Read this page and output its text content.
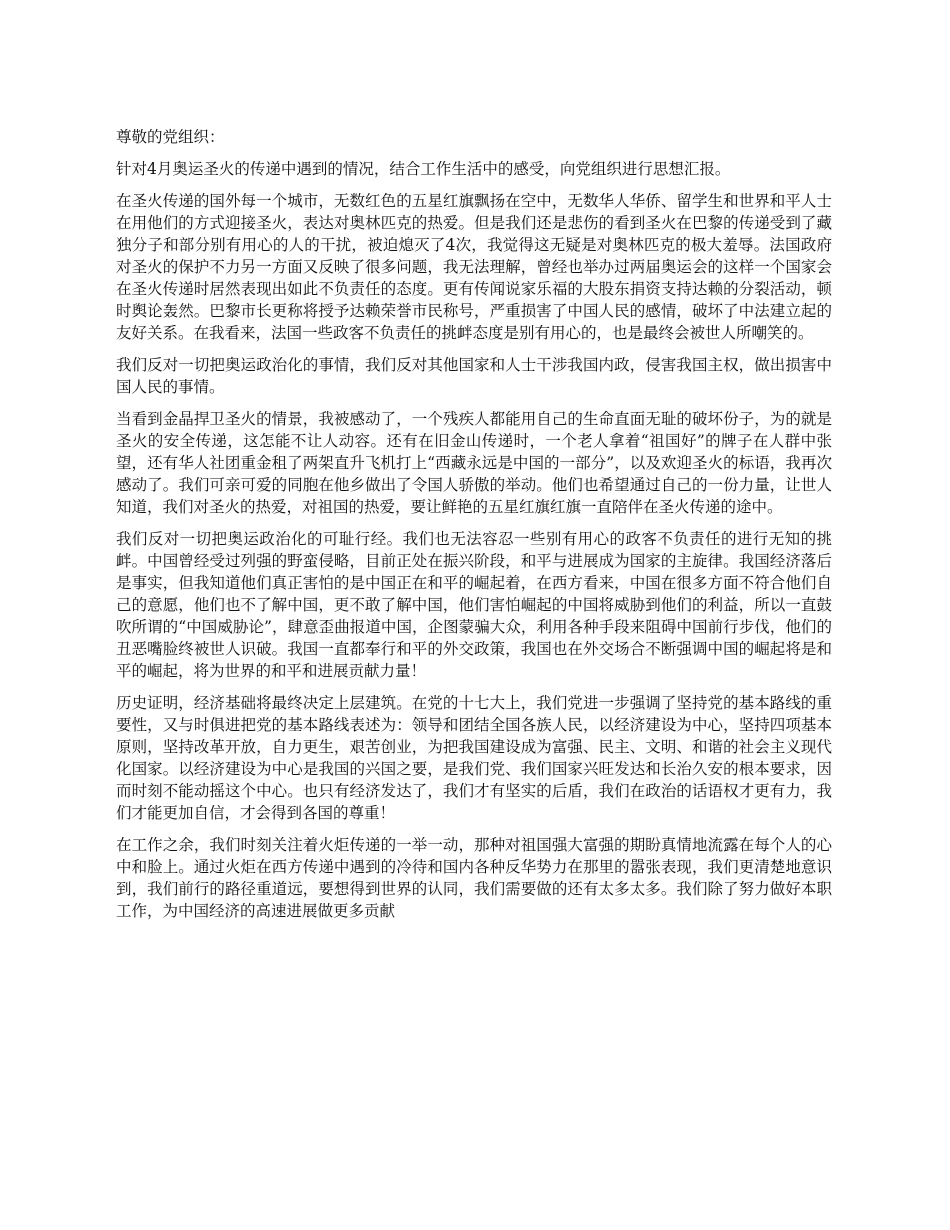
尊敬的党组织：

针对4月奥运圣火的传递中遇到的情况，结合工作生活中的感受，向党组织进行思想汇报。

在圣火传递的国外每一个城市，无数红色的五星红旗飘扬在空中，无数华人华侨、留学生和世界和平人士在用他们的方式迎接圣火，表达对奥林匹克的热爱。但是我们还是悲伤的看到圣火在巴黎的传递受到了藏独分子和部分别有用心的人的干扰，被迫熄灭了4次，我觉得这无疑是对奥林匹克的极大羞辱。法国政府对圣火的保护不力另一方面又反映了很多问题，我无法理解，曾经也举办过两届奥运会的这样一个国家会在圣火传递时居然表现出如此不负责任的态度。更有传闻说家乐福的大股东捐资支持达赖的分裂活动，顿时舆论轰然。巴黎市长更称将授予达赖荣誉市民称号，严重损害了中国人民的感情，破坏了中法建立起的友好关系。在我看来，法国一些政客不负责任的挑衅态度是别有用心的，也是最终会被世人所嘲笑的。

我们反对一切把奥运政治化的事情，我们反对其他国家和人士干涉我国内政，侵害我国主权，做出损害中国人民的事情。

当看到金晶捍卫圣火的情景，我被感动了，一个残疾人都能用自己的生命直面无耻的破坏份子，为的就是圣火的安全传递，这怎能不让人动容。还有在旧金山传递时，一个老人拿着“祖国好”的牌子在人群中张望，还有华人社团重金租了两架直升飞机打上“西藏永远是中国的一部分”，以及欢迎圣火的标语，我再次感动了。我们可亲可爱的同胞在他乡做出了令国人骄傲的举动。他们也希望通过自己的一份力量，让世人知道，我们对圣火的热爱，对祖国的热爱，要让鲜艳的五星红旗红旗一直陪伴在圣火传递的途中。

我们反对一切把奥运政治化的可耻行经。我们也无法容忍一些别有用心的政客不负责任的进行无知的挑衅。中国曾经受过列强的野蛮侵略，目前正处在振兴阶段，和平与进展成为国家的主旋律。我国经济落后是事实，但我知道他们真正害怕的是中国正在和平的崛起着，在西方看来，中国在很多方面不符合他们自己的意愿，他们也不了解中国，更不敢了解中国，他们害怕崛起的中国将威胁到他们的利益，所以一直鼓吹所谓的“中国威胁论”，肆意歪曲报道中国，企图蒙骗大众，利用各种手段来阻碍中国前行步伐，他们的丑恶嘴脸终被世人识破。我国一直都奉行和平的外交政策，我国也在外交场合不断强调中国的崛起将是和平的崛起，将为世界的和平和进展贡献力量！

历史证明，经济基础将最终决定上层建筑。在党的十七大上，我们党进一步强调了坚持党的基本路线的重要性，又与时俱进把党的基本路线表述为：领导和团结全国各族人民，以经济建设为中心，坚持四项基本原则，坚持改革开放，自力更生，艰苦创业，为把我国建设成为富强、民主、文明、和谐的社会主义现代化国家。以经济建设为中心是我国的兴国之要，是我们党、我们国家兴旺发达和长治久安的根本要求，因而时刻不能动摇这个中心。也只有经济发达了，我们才有坚实的后盾，我们在政治的话语权才更有力，我们才能更加自信，才会得到各国的尊重！

在工作之余，我们时刻关注着火炬传递的一举一动，那种对祖国强大富强的期盼真情地流露在每个人的心中和脸上。通过火炬在西方传递中遇到的冷待和国内各种反华势力在那里的嚣张表现，我们更清楚地意识到，我们前行的路径重道远，要想得到世界的认同，我们需要做的还有太多太多。我们除了努力做好本职工作，为中国经济的高速进展做更多贡献
